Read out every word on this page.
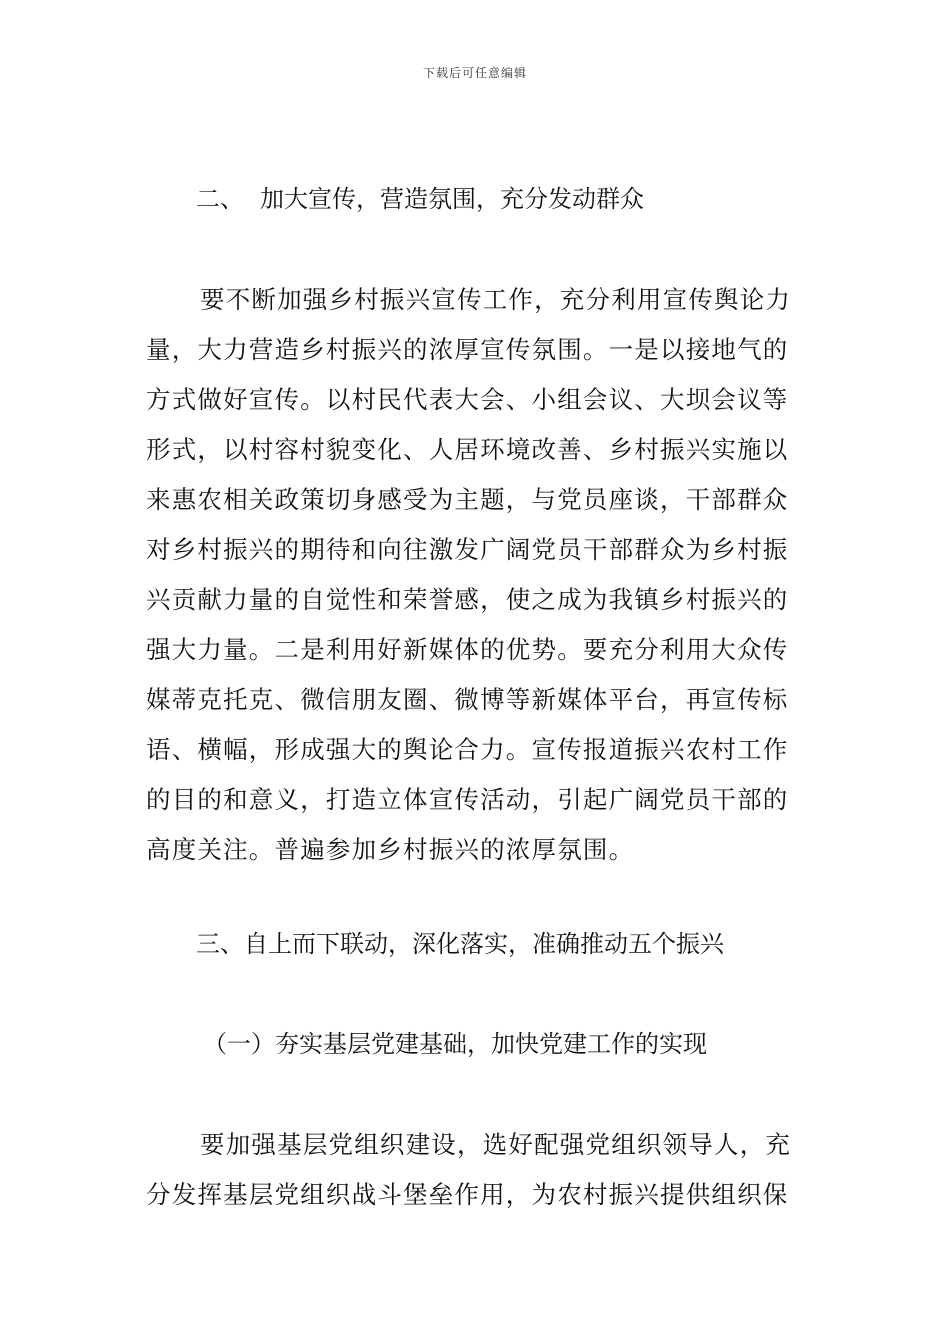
下载后可任意编辑
二、 加大宣传，营造氛围，充分发动群众
要不断加强乡村振兴宣传工作，充分利用宣传舆论力
量，大力营造乡村振兴的浓厚宣传氛围。一是以接地气的
方式做好宣传。以村民代表大会、小组会议、大坝会议等
形式，以村容村貌变化、人居环境改善、乡村振兴实施以
来惠农相关政策切身感受为主题，与党员座谈，干部群众
对乡村振兴的期待和向往激发广阔党员干部群众为乡村振
兴贡献力量的自觉性和荣誉感，使之成为我镇乡村振兴的
强大力量。二是利用好新媒体的优势。要充分利用大众传
媒蒂克托克、微信朋友圈、微博等新媒体平台，再宣传标
语、横幅，形成强大的舆论合力。宣传报道振兴农村工作
的目的和意义，打造立体宣传活动，引起广阔党员干部的
高度关注。普遍参加乡村振兴的浓厚氛围。
三、自上而下联动，深化落实，准确推动五个振兴
（一）夯实基层党建基础，加快党建工作的实现
要加强基层党组织建设，选好配强党组织领导人，充
分发挥基层党组织战斗堡垒作用，为农村振兴提供组织保
